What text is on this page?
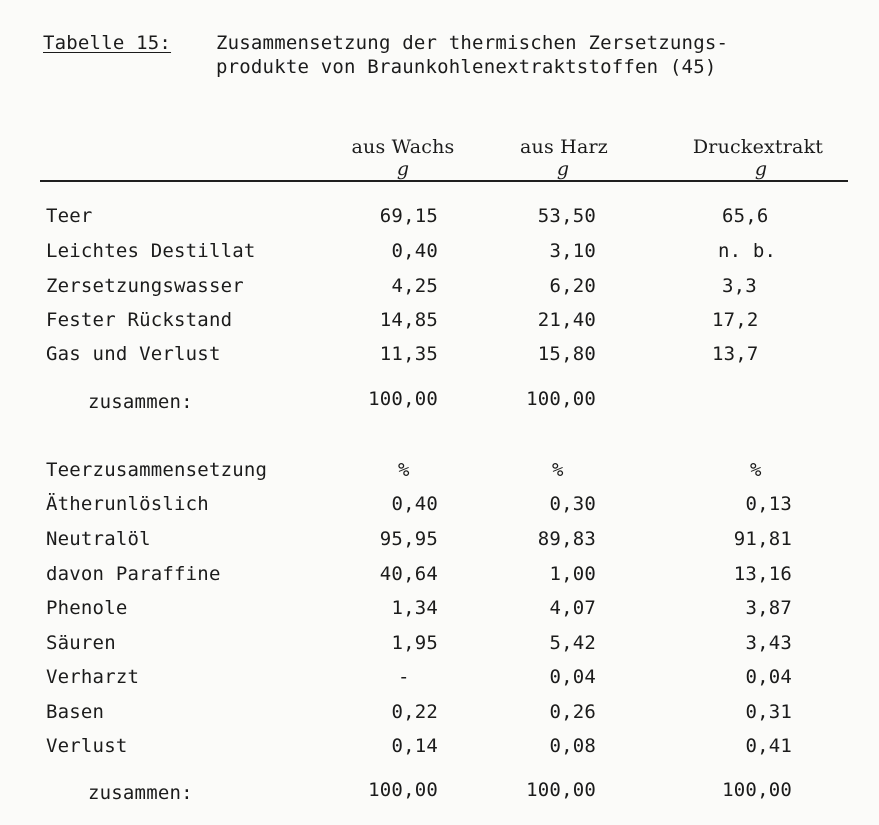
Tabelle 15: Zusammensetzung der thermischen Zersetzungs-
produkte von Braunkohlenextraktstoffen (45)
aus Wachs	aus Harz	Druckextrakt
g	g	g
Teer	69,15	53,50	65,6
Leichtes Destillat	0,40	3,10	n. b.
Zersetzungswasser	4,25	6,20	3,3
Fester Rückstand	14,85	21,40	17,2
Gas und Verlust	11,35	15,80	13,7
zusammen:	100,00	100,00
Teerzusammensetzung	%	%	%
Ätherunlöslich	0,40	0,30	0,13
Neutralöl	95,95	89,83	91,81
davon Paraffine	40,64	1,00	13,16
Phenole	1,34	4,07	3,87
Säuren	1,95	5,42	3,43
Verharzt	-	0,04	0,04
Basen	0,22	0,26	0,31
Verlust	0,14	0,08	0,41
zusammen:	100,00	100,00	100,00
